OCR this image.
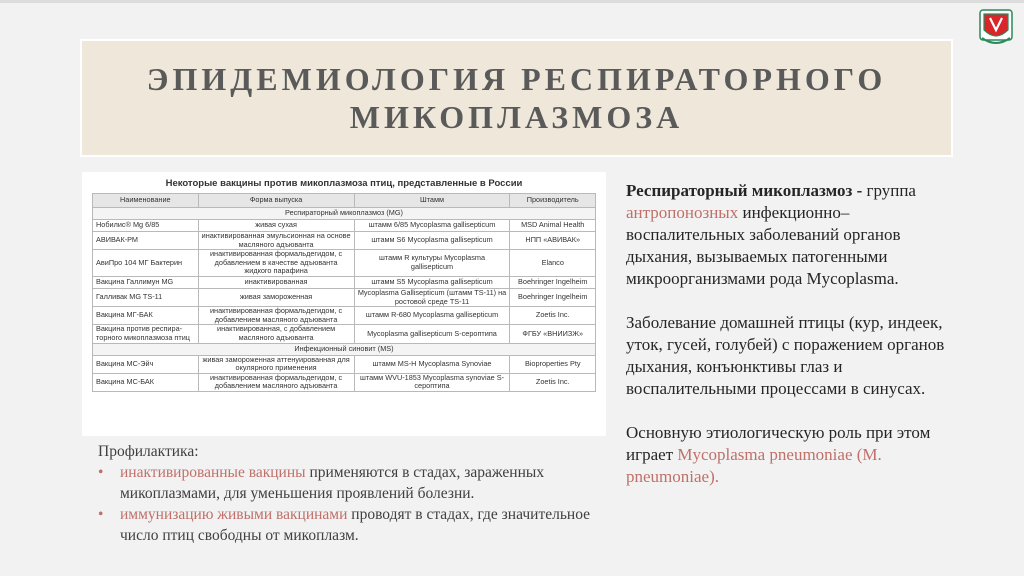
ЭПИДЕМИОЛОГИЯ РЕСПИРАТОРНОГО
МИКОПЛАЗМОЗА
Некоторые вакцины против микоплазмоза птиц, представленные в России
Наименование	Форма выпуска	Штамм	Производитель
Респираторный микоплазмоз (MG)			
Нобилис® Mg 6/85	живая сухая	штамм 6/85 Mycoplasma gallisepticum	MSD Animal Health
АВИВАК-РМ	инактивированная эмульсионная на основе масляного адъюванта	штамм S6 Mycoplasma gallisepticum	НПП «АВИВАК»
АвиПро 104 МГ Бактерин	инактивированная формальдегидом, с добавлением в качестве адъюванта жидкого парафина	штамм R культуры Mycoplasma gallisepticum	Elanco
Вакцина Галлимун MG	инактивированная	штамм S5 Mycoplasma gallisepticum	Boehringer Ingelheim
Галливак MG TS-11	живая замороженная	Mycoplasma Gallisepticum (штамм TS-11) на ростовой среде TS-11	Boehringer Ingelheim
Вакцина МГ-БАК	инактивированная формальдегидом, с добавлением масляного адъюванта	штамм R-680 Mycoplasma gallisepticum	Zoetis Inc.
Вакцина против респира-торного микоплазмоза птиц	инактивированная, с добавлением масляного адъюванта	Mycoplasma gallisepticum S-сероптипа	ФГБУ «ВНИИЗЖ»
Инфекционный синовит (MS)			
Вакцина МС-Эйч	живая замороженная аттенуированная для окулярного применения	штамм MS-H Mycoplasma Synoviae	Bioproperties Pty
Вакцина МС-БАК	инактивированная формальдегидом, с добавлением масляного адъюванта	штамм WVU-1853 Mycoplasma synoviae S-сероптипа	Zoetis Inc.

Респираторный микоплазмоз - группа антропонозных инфекционно–воспалительных заболеваний органов дыхания, вызываемых патогенными микроорганизмами рода Mycoplasma.

Заболевание домашней птицы (кур, индеек, уток, гусей, голубей) с поражением органов дыхания, конъюнктивы глаз и воспалительными процессами в синусах.

Основную этиологическую роль при этом играет Mycoplasma pneumoniae (M. pneumoniae).

Профилактика:
• инактивированные вакцины применяются в стадах, зараженных микоплазмами, для уменьшения проявлений болезни.
• иммунизацию живыми вакцинами проводят в стадах, где значительное число птиц свободны от микоплазм.
